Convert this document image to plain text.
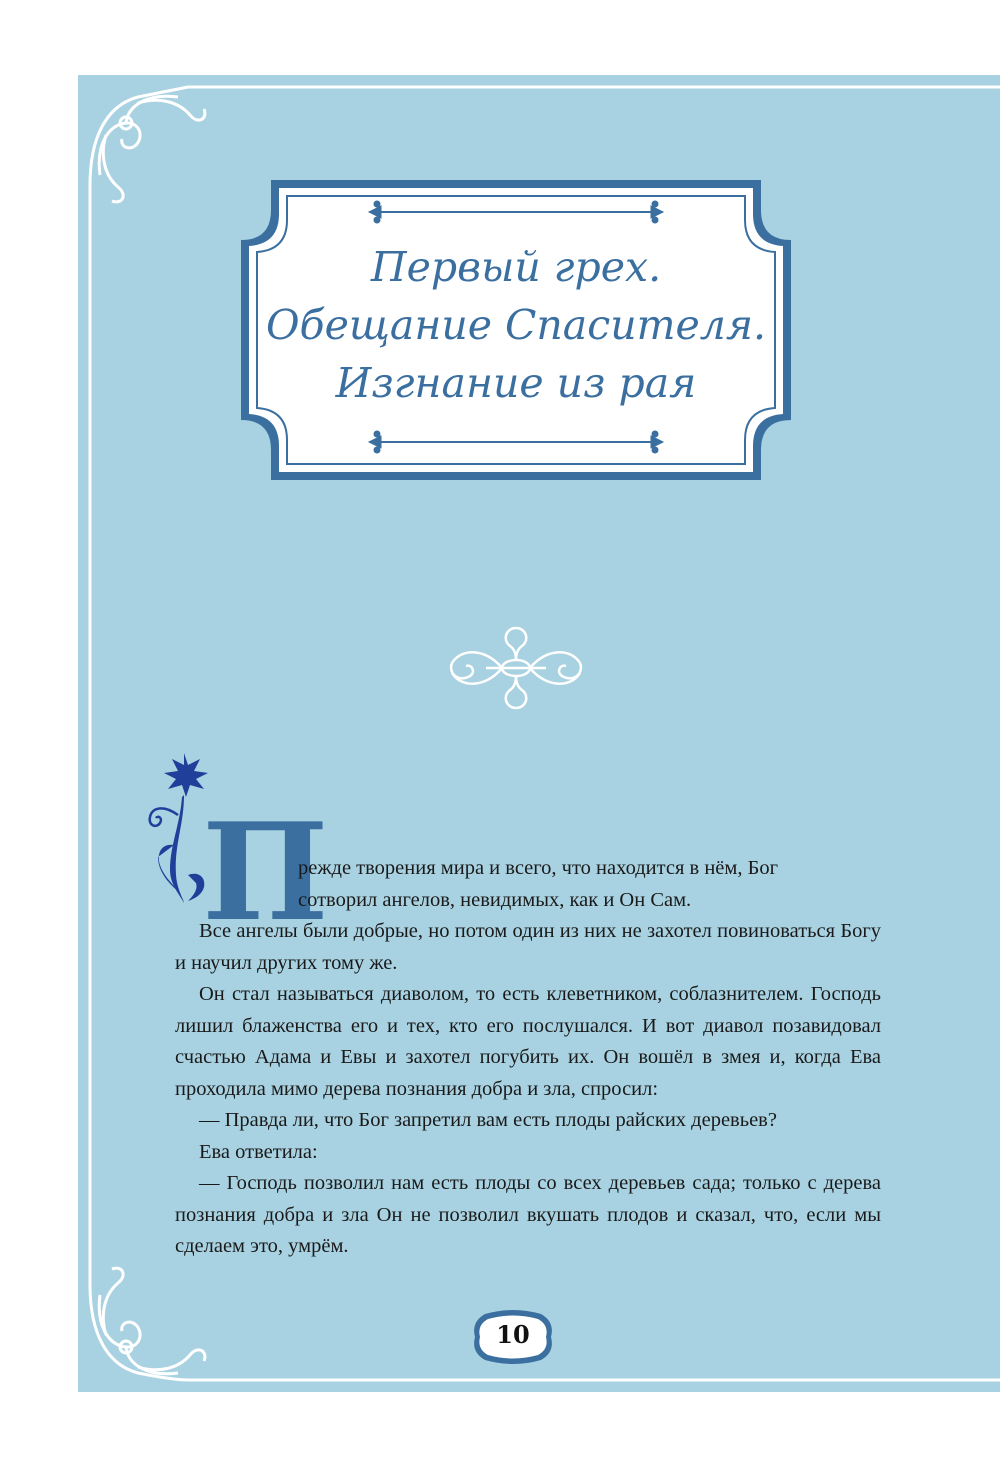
Первый грех.
Обещание Спасителя.
Изгнание из рая
П

режде творения мира и всего, что находится в нём, Бог

сотворил ангелов, невидимых, как и Он Сам.

Все ангелы были добрые, но потом один из них не захотел повиноваться Богу и научил других тому же.

Он стал называться диаволом, то есть клеветником, соблазнителем. Господь лишил блаженства его и тех, кто его послушался. И вот диавол позавидовал счастью Адама и Евы и захотел погубить их. Он вошёл в змея и, когда Ева проходила мимо дерева познания добра и зла, спросил:

— Правда ли, что Бог запретил вам есть плоды райских деревьев?

Ева ответила:

— Господь позволил нам есть плоды со всех деревьев сада; только с дерева познания добра и зла Он не позволил вкушать плодов и сказал, что, если мы сделаем это, умрём.

10
